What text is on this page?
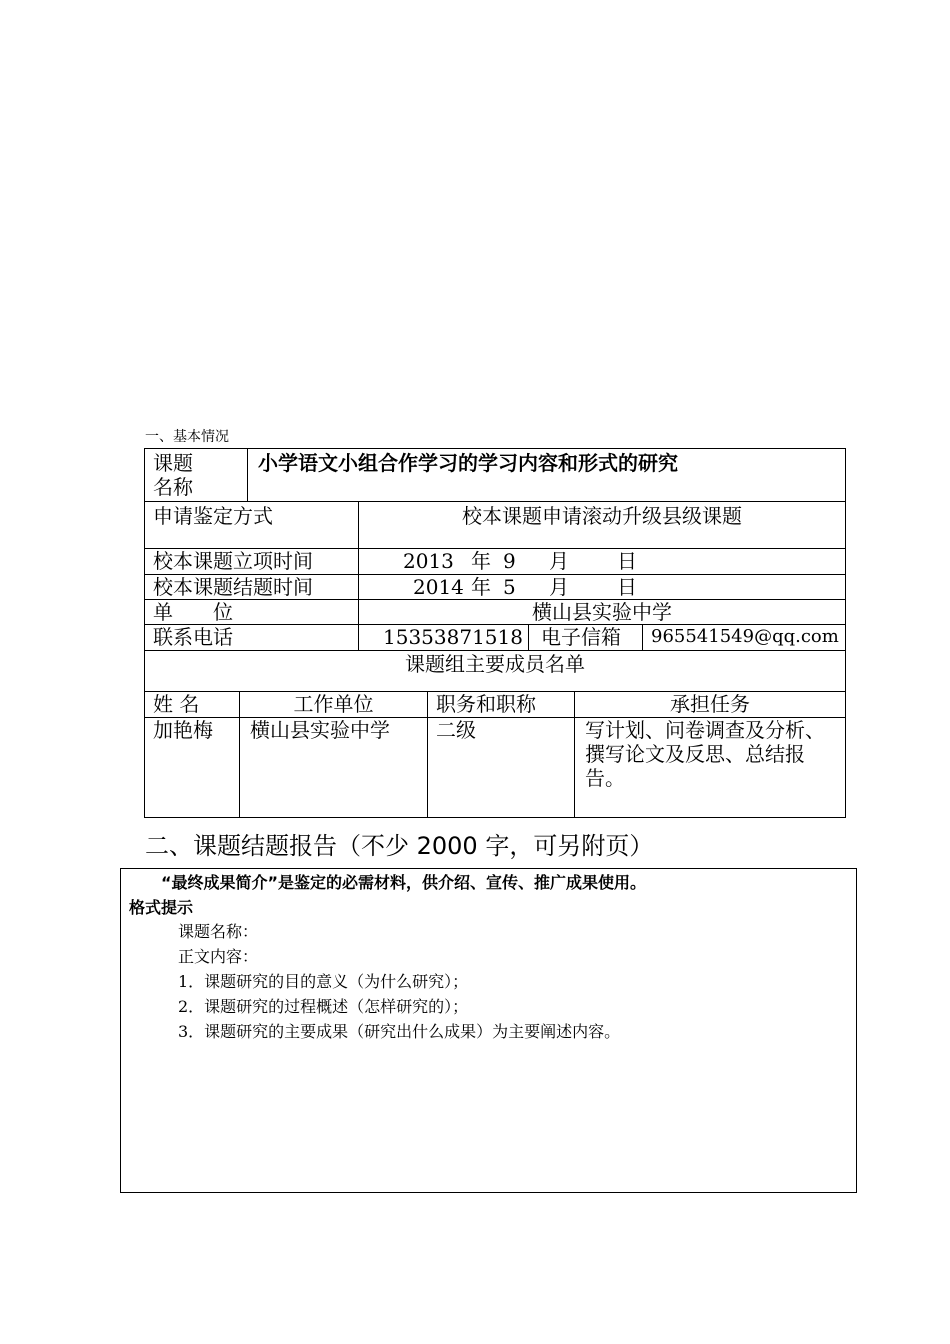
一、基本情况
课题
名称
小学语文小组合作学习的学习内容和形式的研究
申请鉴定方式	校本课题申请滚动升级县级课题
校本课题立项时间	2013 年 9 月 日
校本课题结题时间	2014 年 5 月 日
单　　位	横山县实验中学
联系电话	15353871518 电子信箱	965541549@qq.com
课题组主要成员名单
姓 名	工作单位	职务和职称	承担任务
加艳梅	横山县实验中学	二级	写计划、问卷调查及分析、
撰写论文及反思、总结报
告。
二、课题结题报告（不少 2000 字，可另附页）
“最终成果简介”是鉴定的必需材料，供介绍、宣传、推广成果使用。
格式提示
课题名称：
正文内容：
1．课题研究的目的意义（为什么研究）；
2．课题研究的过程概述（怎样研究的）；
3．课题研究的主要成果（研究出什么成果）为主要阐述内容。
